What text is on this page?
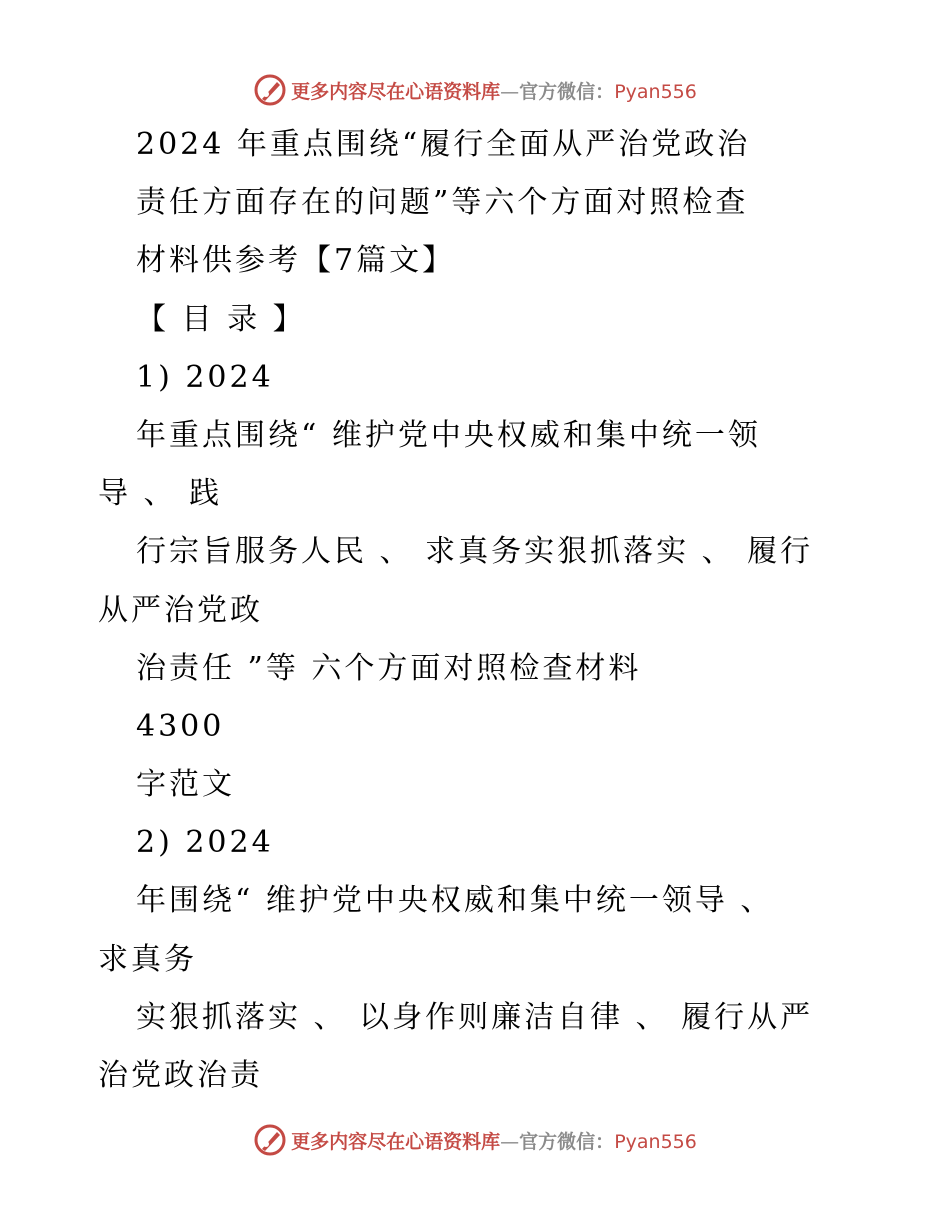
更多内容尽在心语资料库—官方微信：Pyan556
2024 年重点围绕“履行全面从严治党政治
责任方面存在的问题”等六个方面对照检查
材料供参考【7篇文】
【 目 录 】
1) 2024
年重点围绕“ 维护党中央权威和集中统一领
导 、 践
行宗旨服务人民 、 求真务实狠抓落实 、 履行
从严治党政
治责任 ”等 六个方面对照检查材料
4300
字范文
2) 2024
年围绕“ 维护党中央权威和集中统一领导 、
求真务
实狠抓落实 、 以身作则廉洁自律 、 履行从严
治党政治责
更多内容尽在心语资料库—官方微信：Pyan556
